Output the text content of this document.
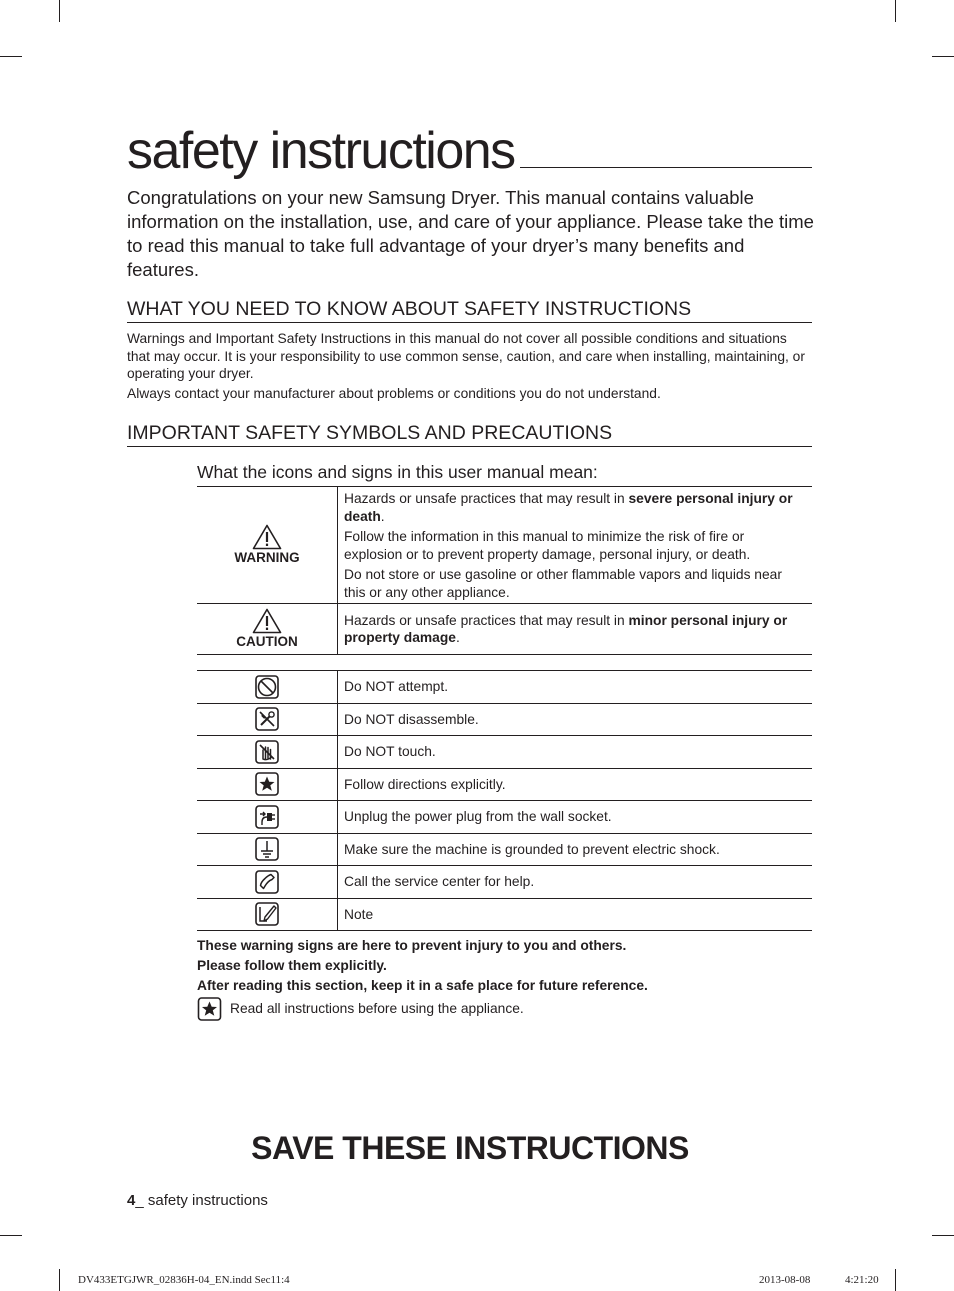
safety instructions

Congratulations on your new Samsung Dryer. This manual contains valuable information on the installation, use, and care of your appliance. Please take the time to read this manual to take full advantage of your dryer’s many benefits and features.

WHAT YOU NEED TO KNOW ABOUT SAFETY INSTRUCTIONS

Warnings and Important Safety Instructions in this manual do not cover all possible conditions and situations that may occur. It is your responsibility to use common sense, caution, and care when installing, maintaining, or operating your dryer.

Always contact your manufacturer about problems or conditions you do not understand.

IMPORTANT SAFETY SYMBOLS AND PRECAUTIONS

What the icons and signs in this user manual mean:

WARNING

Hazards or unsafe practices that may result in severe personal injury or death.

Follow the information in this manual to minimize the risk of fire or explosion or to prevent property damage, personal injury, or death.

Do not store or use gasoline or other flammable vapors and liquids near this or any other appliance.

CAUTION

Hazards or unsafe practices that may result in minor personal injury or property damage.

Do NOT attempt.
Do NOT disassemble.
Do NOT touch.
Follow directions explicitly.
Unplug the power plug from the wall socket.
Make sure the machine is grounded to prevent electric shock.
Call the service center for help.
Note

These warning signs are here to prevent injury to you and others.
Please follow them explicitly.
After reading this section, keep it in a safe place for future reference.

Read all instructions before using the appliance.
SAVE THESE INSTRUCTIONS
4_ safety instructions
DV433ETGJWR_02836H-04_EN.indd Sec11:4	2013-08-08	4:21:20
